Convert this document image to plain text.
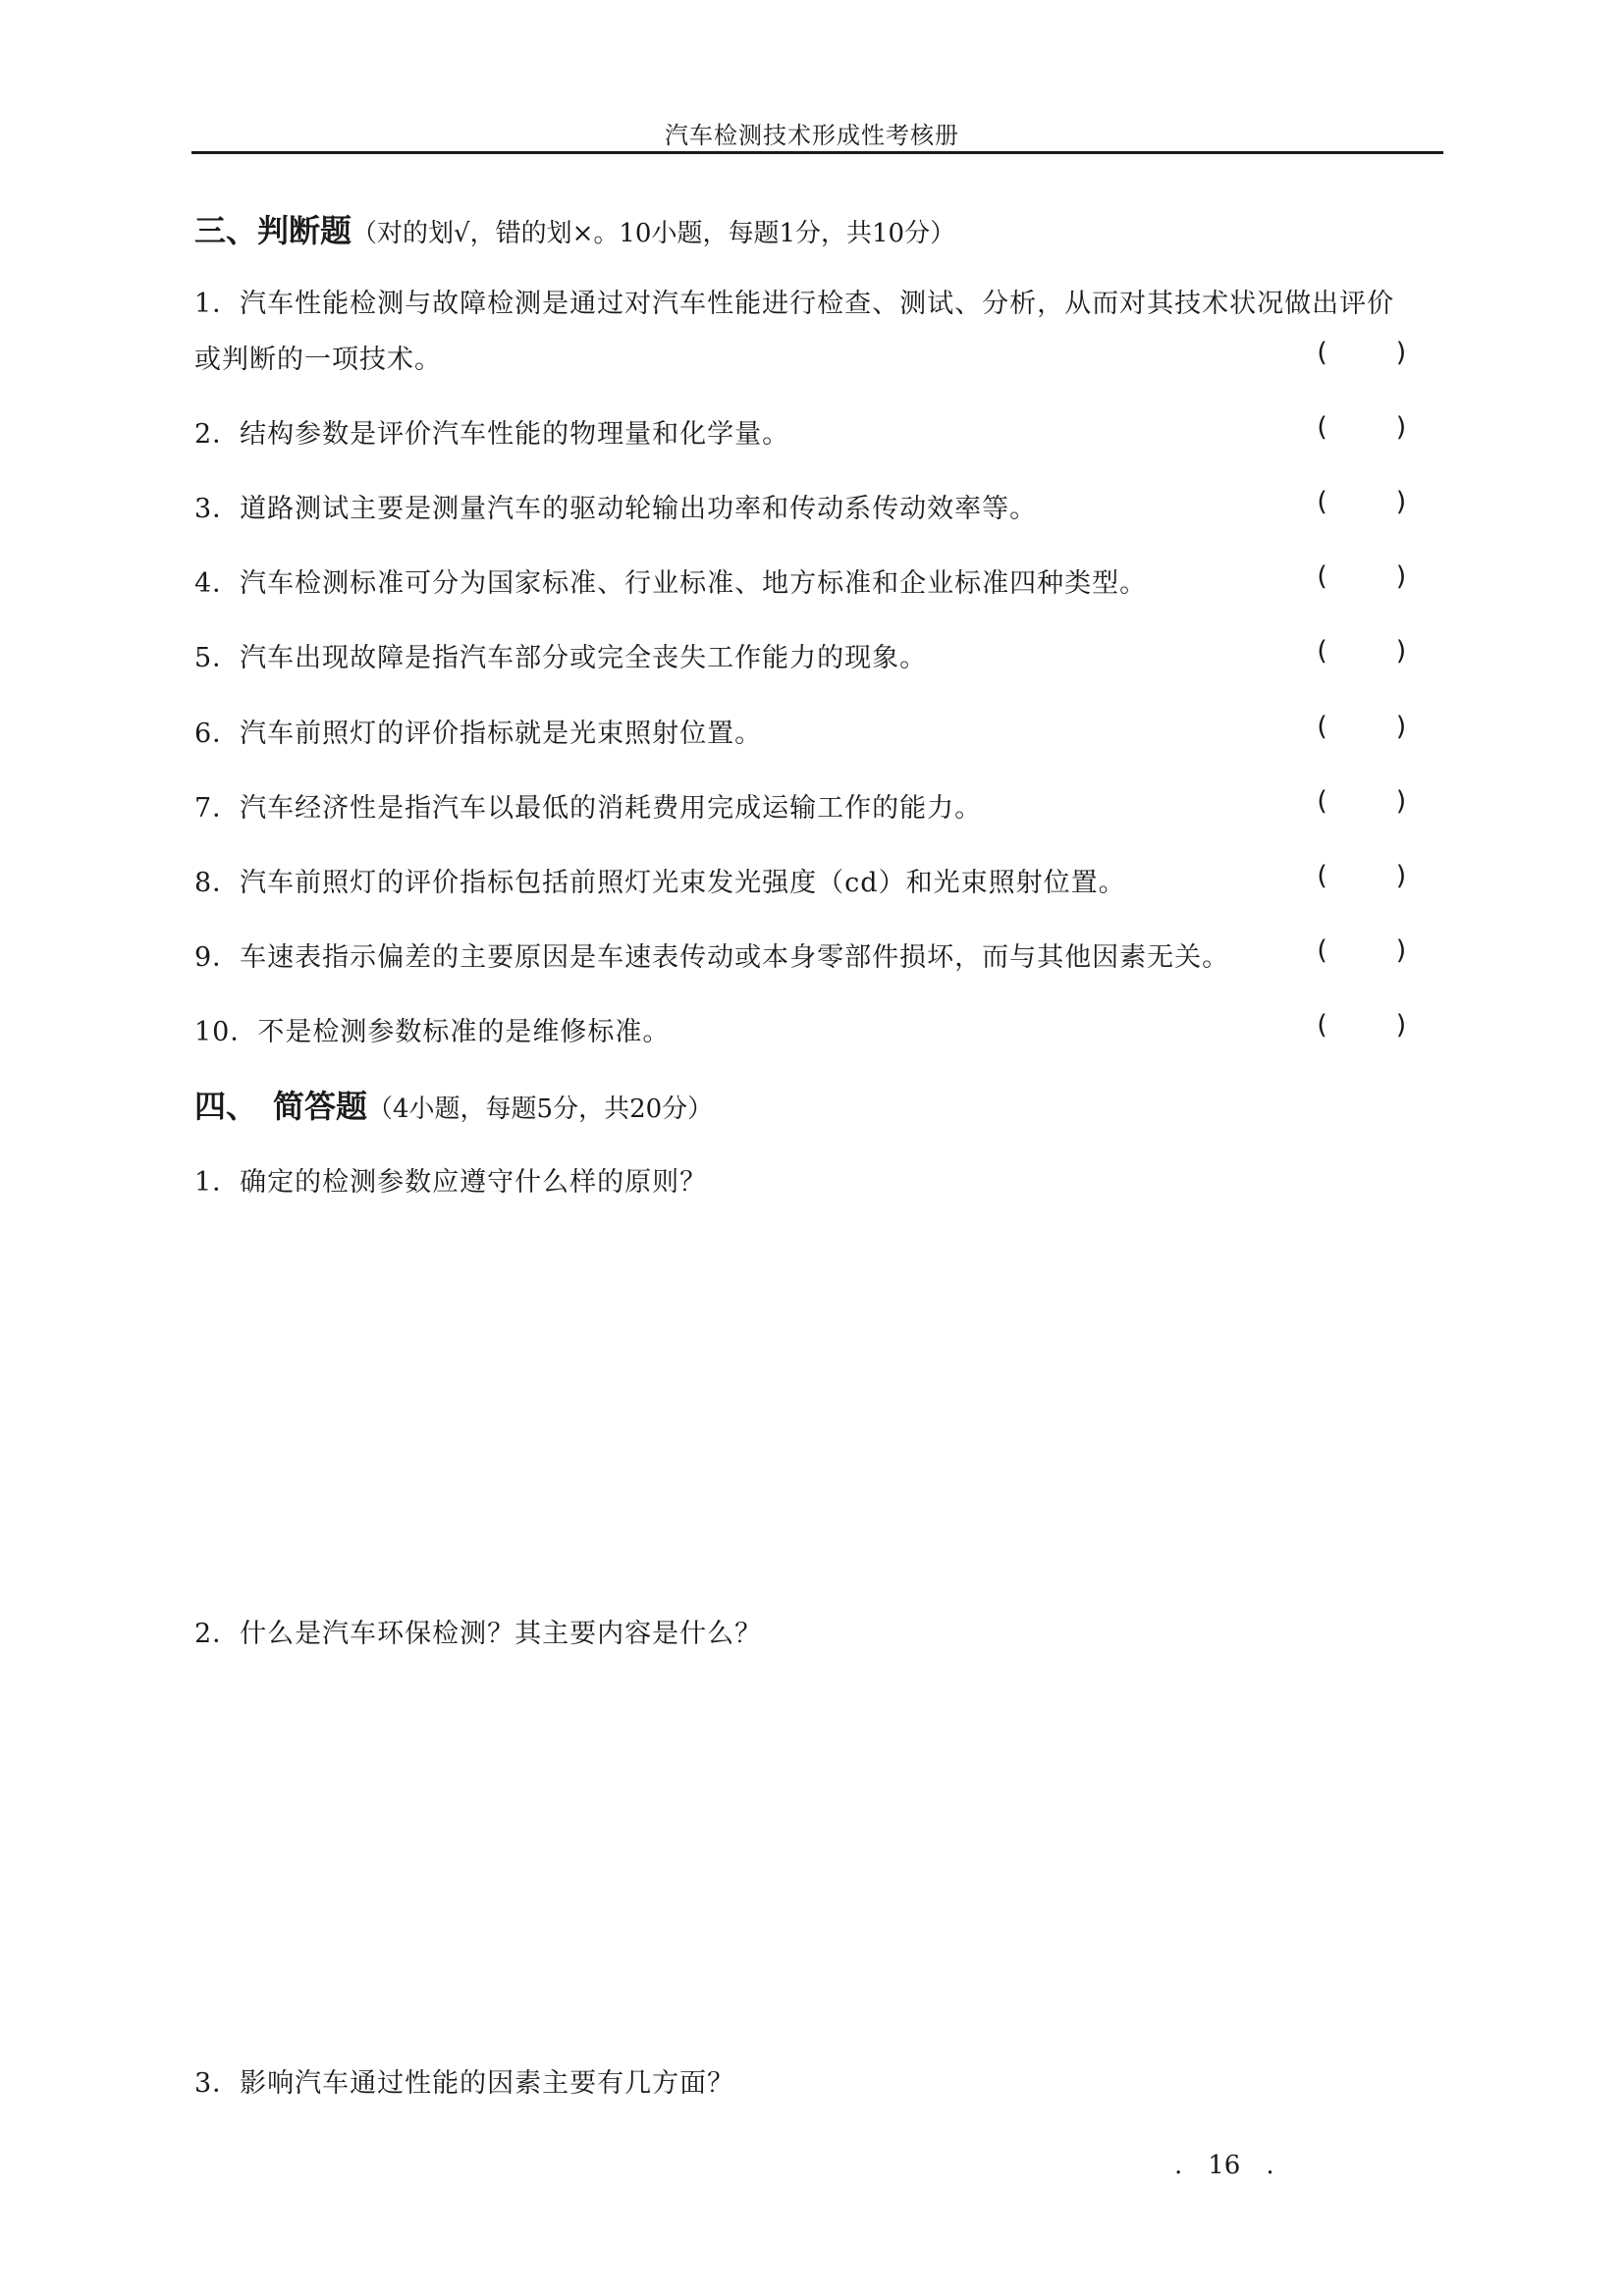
汽车检测技术形成性考核册
三、判断题（对的划√，错的划×。10小题，每题1分，共10分）
1．汽车性能检测与故障检测是通过对汽车性能进行检查、测试、分析，从而对其技术状况做出评价
或判断的一项技术。	(    )
2．结构参数是评价汽车性能的物理量和化学量。	(    )
3．道路测试主要是测量汽车的驱动轮输出功率和传动系传动效率等。	(    )
4．汽车检测标准可分为国家标准、行业标准、地方标准和企业标准四种类型。	(    )
5．汽车出现故障是指汽车部分或完全丧失工作能力的现象。	(    )
6．汽车前照灯的评价指标就是光束照射位置。	(    )
7．汽车经济性是指汽车以最低的消耗费用完成运输工作的能力。	(    )
8．汽车前照灯的评价指标包括前照灯光束发光强度（cd）和光束照射位置。	(    )
9．车速表指示偏差的主要原因是车速表传动或本身零部件损坏，而与其他因素无关。	(    )
10．不是检测参数标准的是维修标准。	(    )
四、　简答题（4小题，每题5分，共20分）
1．确定的检测参数应遵守什么样的原则？
2．什么是汽车环保检测？其主要内容是什么？
3．影响汽车通过性能的因素主要有几方面？
.　16　.
